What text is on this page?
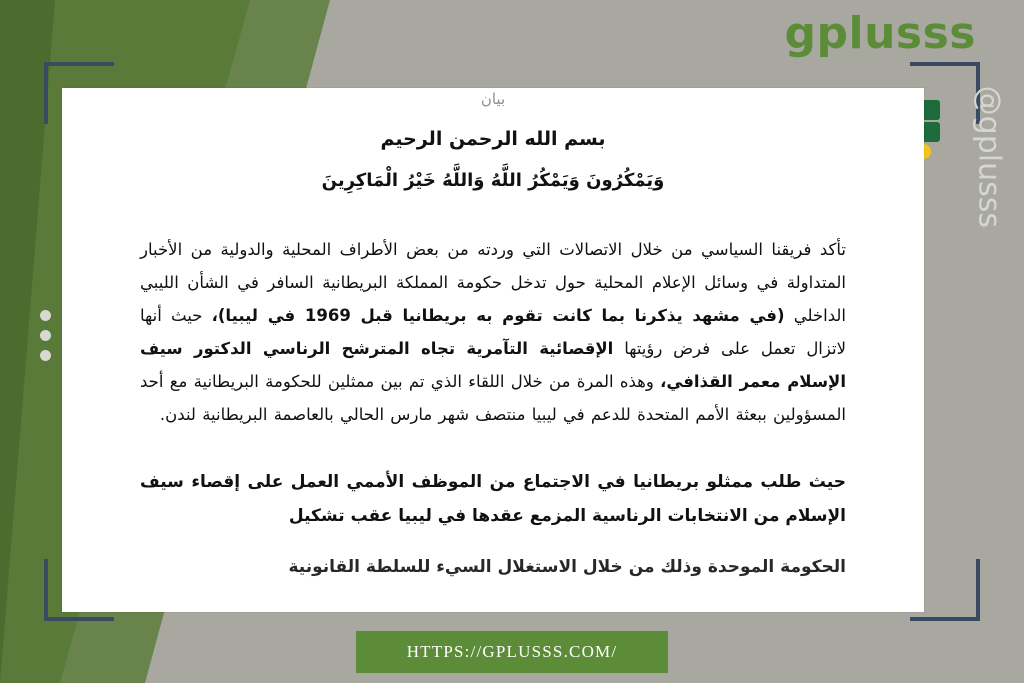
gplusss
@gplusss
بيان
بسم الله الرحمن الرحيم
وَيَمْكُرُونَ وَيَمْكُرُ اللَّهُ وَاللَّهُ خَيْرُ الْمَاكِرِينَ

تأكد فريقنا السياسي من خلال الاتصالات التي وردته من بعض الأطراف المحلية والدولية من الأخبار المتداولة في وسائل الإعلام المحلية حول تدخل حكومة المملكة البريطانية السافر في الشأن الليبي الداخلي (في مشهد يذكرنا بما كانت تقوم به بريطانيا قبل 1969 في ليبيا)، حيث أنها لاتزال تعمل على فرض رؤيتها الإقصائية التآمرية تجاه المترشح الرناسي الدكتور سيف الإسلام معمر القذافي، وهذه المرة من خلال اللقاء الذي تم بين ممثلين للحكومة البريطانية مع أحد المسؤولين ببعثة الأمم المتحدة للدعم في ليبيا منتصف شهر مارس الحالي بالعاصمة البريطانية لندن.

حيث طلب ممثلو بريطانيا في الاجتماع من الموظف الأممي العمل على إقصاء سيف الإسلام من الانتخابات الرناسية المزمع عقدها في ليبيا عقب تشكيل

الحكومة الموحدة وذلك من خلال الاستغلال السيء للسلطة القانونية
HTTPS://GPLUSSS.COM/
